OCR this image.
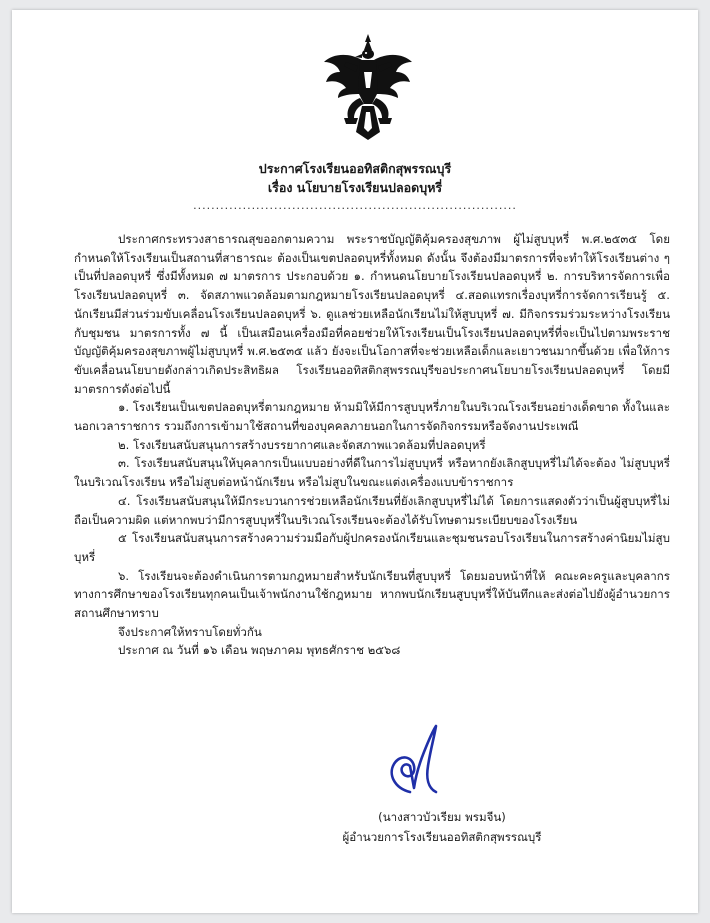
ประกาศโรงเรียนออทิสติกสุพรรณบุรี
เรื่อง นโยบายโรงเรียนปลอดบุหรี่
........................................................................

ประกาศกระทรวงสาธารณสุขออกตามความ พระราชบัญญัติคุ้มครองสุขภาพ ผู้ไม่สูบบุหรี่ พ.ศ.๒๕๓๕ โดยกำหนดให้โรงเรียนเป็นสถานที่สาธารณะ ต้องเป็นเขตปลอดบุหรี่ทั้งหมด ดังนั้น จึงต้องมีมาตรการที่จะทำให้โรงเรียนต่าง ๆ เป็นที่ปลอดบุหรี่ ซึ่งมีทั้งหมด ๗ มาตรการ ประกอบด้วย ๑. กำหนดนโยบายโรงเรียนปลอดบุหรี่ ๒. การบริหารจัดการเพื่อโรงเรียนปลอดบุหรี่ ๓. จัดสภาพแวดล้อมตามกฎหมายโรงเรียนปลอดบุหรี่ ๔.สอดแทรกเรื่องบุหรี่การจัดการเรียนรู้ ๕. นักเรียนมีส่วนร่วมขับเคลื่อนโรงเรียนปลอดบุหรี่ ๖. ดูแลช่วยเหลือนักเรียนไม่ให้สูบบุหรี่ ๗. มีกิจกรรมร่วมระหว่างโรงเรียนกับชุมชน มาตรการทั้ง ๗ นี้ เป็นเสมือนเครื่องมือที่คอยช่วยให้โรงเรียนเป็นโรงเรียนปลอดบุหรี่ที่จะเป็นไปตามพระราชบัญญัติคุ้มครองสุขภาพผู้ไม่สูบบุหรี่ พ.ศ.๒๕๓๕ แล้ว ยังจะเป็นโอกาสที่จะช่วยเหลือเด็กและเยาวชนมากขึ้นด้วย เพื่อให้การขับเคลื่อนนโยบายดังกล่าวเกิดประสิทธิผล โรงเรียนออทิสติกสุพรรณบุรีขอประกาศนโยบายโรงเรียนปลอดบุหรี่ โดยมีมาตรการดังต่อไปนี้

๑. โรงเรียนเป็นเขตปลอดบุหรี่ตามกฎหมาย ห้ามมิให้มีการสูบบุหรี่ภายในบริเวณโรงเรียนอย่างเด็ดขาด ทั้งในและนอกเวลาราชการ รวมถึงการเข้ามาใช้สถานที่ของบุคคลภายนอกในการจัดกิจกรรมหรือจัดงานประเพณี

๒. โรงเรียนสนับสนุนการสร้างบรรยากาศและจัดสภาพแวดล้อมที่ปลอดบุหรี่

๓. โรงเรียนสนับสนุนให้บุคลากรเป็นแบบอย่างที่ดีในการไม่สูบบุหรี่ หรือหากยังเลิกสูบบุหรี่ไม่ได้จะต้อง ไม่สูบบุหรี่ในบริเวณโรงเรียน หรือไม่สูบต่อหน้านักเรียน หรือไม่สูบในขณะแต่งเครื่องแบบข้าราชการ

๔. โรงเรียนสนับสนุนให้มีกระบวนการช่วยเหลือนักเรียนที่ยังเลิกสูบบุหรี่ไม่ได้ โดยการแสดงตัวว่าเป็นผู้สูบบุหรี่ไม่ถือเป็นความผิด แต่หากพบว่ามีการสูบบุหรี่ในบริเวณโรงเรียนจะต้องได้รับโทษตามระเบียบของโรงเรียน

๕ โรงเรียนสนับสนุนการสร้างความร่วมมือกับผู้ปกครองนักเรียนและชุมชนรอบโรงเรียนในการสร้างค่านิยมไม่สูบบุหรี่

๖. โรงเรียนจะต้องดำเนินการตามกฎหมายสำหรับนักเรียนที่สูบบุหรี่ โดยมอบหน้าที่ให้ คณะคะครูและบุคลากรทางการศึกษาของโรงเรียนทุกคนเป็นเจ้าพนักงานใช้กฎหมาย หากพบนักเรียนสูบบุหรี่ให้บันทึกและส่งต่อไปยังผู้อำนวยการสถานศึกษาทราบ

จึงประกาศให้ทราบโดยทั่วกัน

ประกาศ ณ วันที่ ๑๖ เดือน พฤษภาคม พุทธศักราช ๒๕๖๘

(นางสาวบัวเรียม พรมจีน)
ผู้อำนวยการโรงเรียนออทิสติกสุพรรณบุรี
